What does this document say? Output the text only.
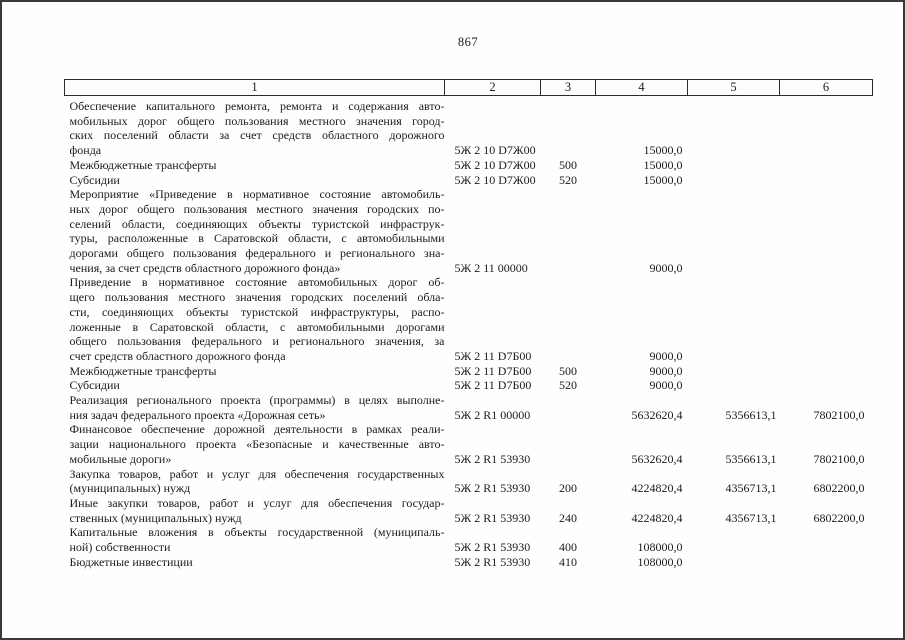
867
1	2	3	4	5	6

Обеспечение капитального ремонта, ремонта и содержания авто-
мобильных дорог общего пользования местного значения город-
ских поселений области за счет средств областного дорожного
фонда	5Ж 2 10 D7Ж00		15000,0		

Межбюджетные трансферты	5Ж 2 10 D7Ж00	500	15000,0		

Субсидии	5Ж 2 10 D7Ж00	520	15000,0		

Мероприятие «Приведение в нормативное состояние автомобиль-
ных дорог общего пользования местного значения городских по-
селений области, соединяющих объекты туристской инфраструк-
туры, расположенные в Саратовской области, с автомобильными
дорогами общего пользования федерального и регионального зна-
чения, за счет средств областного дорожного фонда»	5Ж 2 11 00000		9000,0		

Приведение в нормативное состояние автомобильных дорог об-
щего пользования местного значения городских поселений обла-
сти, соединяющих объекты туристской инфраструктуры, распо-
ложенные в Саратовской области, с автомобильными дорогами
общего пользования федерального и регионального значения, за
счет средств областного дорожного фонда	5Ж 2 11 D7Б00		9000,0		

Межбюджетные трансферты	5Ж 2 11 D7Б00	500	9000,0		

Субсидии	5Ж 2 11 D7Б00	520	9000,0		

Реализация регионального проекта (программы) в целях выполне-
ния задач федерального проекта «Дорожная сеть»	5Ж 2 R1 00000		5632620,4	5356613,1	7802100,0

Финансовое обеспечение дорожной деятельности в рамках реали-
зации национального проекта «Безопасные и качественные авто-
мобильные дороги»	5Ж 2 R1 53930		5632620,4	5356613,1	7802100,0

Закупка товаров, работ и услуг для обеспечения государственных
(муниципальных) нужд	5Ж 2 R1 53930	200	4224820,4	4356713,1	6802200,0

Иные закупки товаров, работ и услуг для обеспечения государ-
ственных (муниципальных) нужд	5Ж 2 R1 53930	240	4224820,4	4356713,1	6802200,0

Капитальные вложения в объекты государственной (муниципаль-
ной) собственности	5Ж 2 R1 53930	400	108000,0		

Бюджетные инвестиции	5Ж 2 R1 53930	410	108000,0		
